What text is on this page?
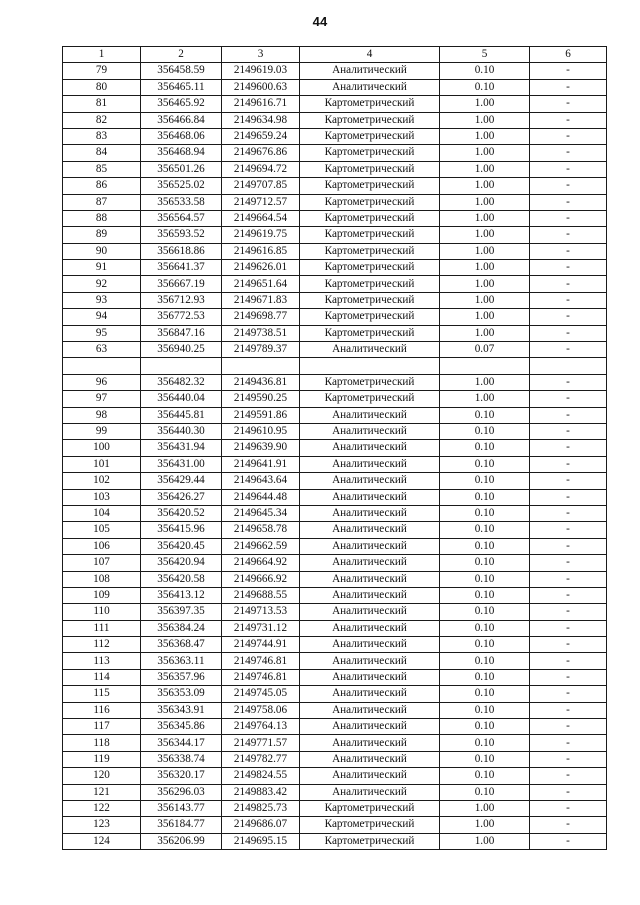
44
1	2	3	4	5	6
79	356458.59	2149619.03	Аналитический	0.10	-
80	356465.11	2149600.63	Аналитический	0.10	-
81	356465.92	2149616.71	Картометрический	1.00	-
82	356466.84	2149634.98	Картометрический	1.00	-
83	356468.06	2149659.24	Картометрический	1.00	-
84	356468.94	2149676.86	Картометрический	1.00	-
85	356501.26	2149694.72	Картометрический	1.00	-
86	356525.02	2149707.85	Картометрический	1.00	-
87	356533.58	2149712.57	Картометрический	1.00	-
88	356564.57	2149664.54	Картометрический	1.00	-
89	356593.52	2149619.75	Картометрический	1.00	-
90	356618.86	2149616.85	Картометрический	1.00	-
91	356641.37	2149626.01	Картометрический	1.00	-
92	356667.19	2149651.64	Картометрический	1.00	-
93	356712.93	2149671.83	Картометрический	1.00	-
94	356772.53	2149698.77	Картометрический	1.00	-
95	356847.16	2149738.51	Картометрический	1.00	-
63	356940.25	2149789.37	Аналитический	0.07	-

96	356482.32	2149436.81	Картометрический	1.00	-
97	356440.04	2149590.25	Картометрический	1.00	-
98	356445.81	2149591.86	Аналитический	0.10	-
99	356440.30	2149610.95	Аналитический	0.10	-
100	356431.94	2149639.90	Аналитический	0.10	-
101	356431.00	2149641.91	Аналитический	0.10	-
102	356429.44	2149643.64	Аналитический	0.10	-
103	356426.27	2149644.48	Аналитический	0.10	-
104	356420.52	2149645.34	Аналитический	0.10	-
105	356415.96	2149658.78	Аналитический	0.10	-
106	356420.45	2149662.59	Аналитический	0.10	-
107	356420.94	2149664.92	Аналитический	0.10	-
108	356420.58	2149666.92	Аналитический	0.10	-
109	356413.12	2149688.55	Аналитический	0.10	-
110	356397.35	2149713.53	Аналитический	0.10	-
111	356384.24	2149731.12	Аналитический	0.10	-
112	356368.47	2149744.91	Аналитический	0.10	-
113	356363.11	2149746.81	Аналитический	0.10	-
114	356357.96	2149746.81	Аналитический	0.10	-
115	356353.09	2149745.05	Аналитический	0.10	-
116	356343.91	2149758.06	Аналитический	0.10	-
117	356345.86	2149764.13	Аналитический	0.10	-
118	356344.17	2149771.57	Аналитический	0.10	-
119	356338.74	2149782.77	Аналитический	0.10	-
120	356320.17	2149824.55	Аналитический	0.10	-
121	356296.03	2149883.42	Аналитический	0.10	-
122	356143.77	2149825.73	Картометрический	1.00	-
123	356184.77	2149686.07	Картометрический	1.00	-
124	356206.99	2149695.15	Картометрический	1.00	-
